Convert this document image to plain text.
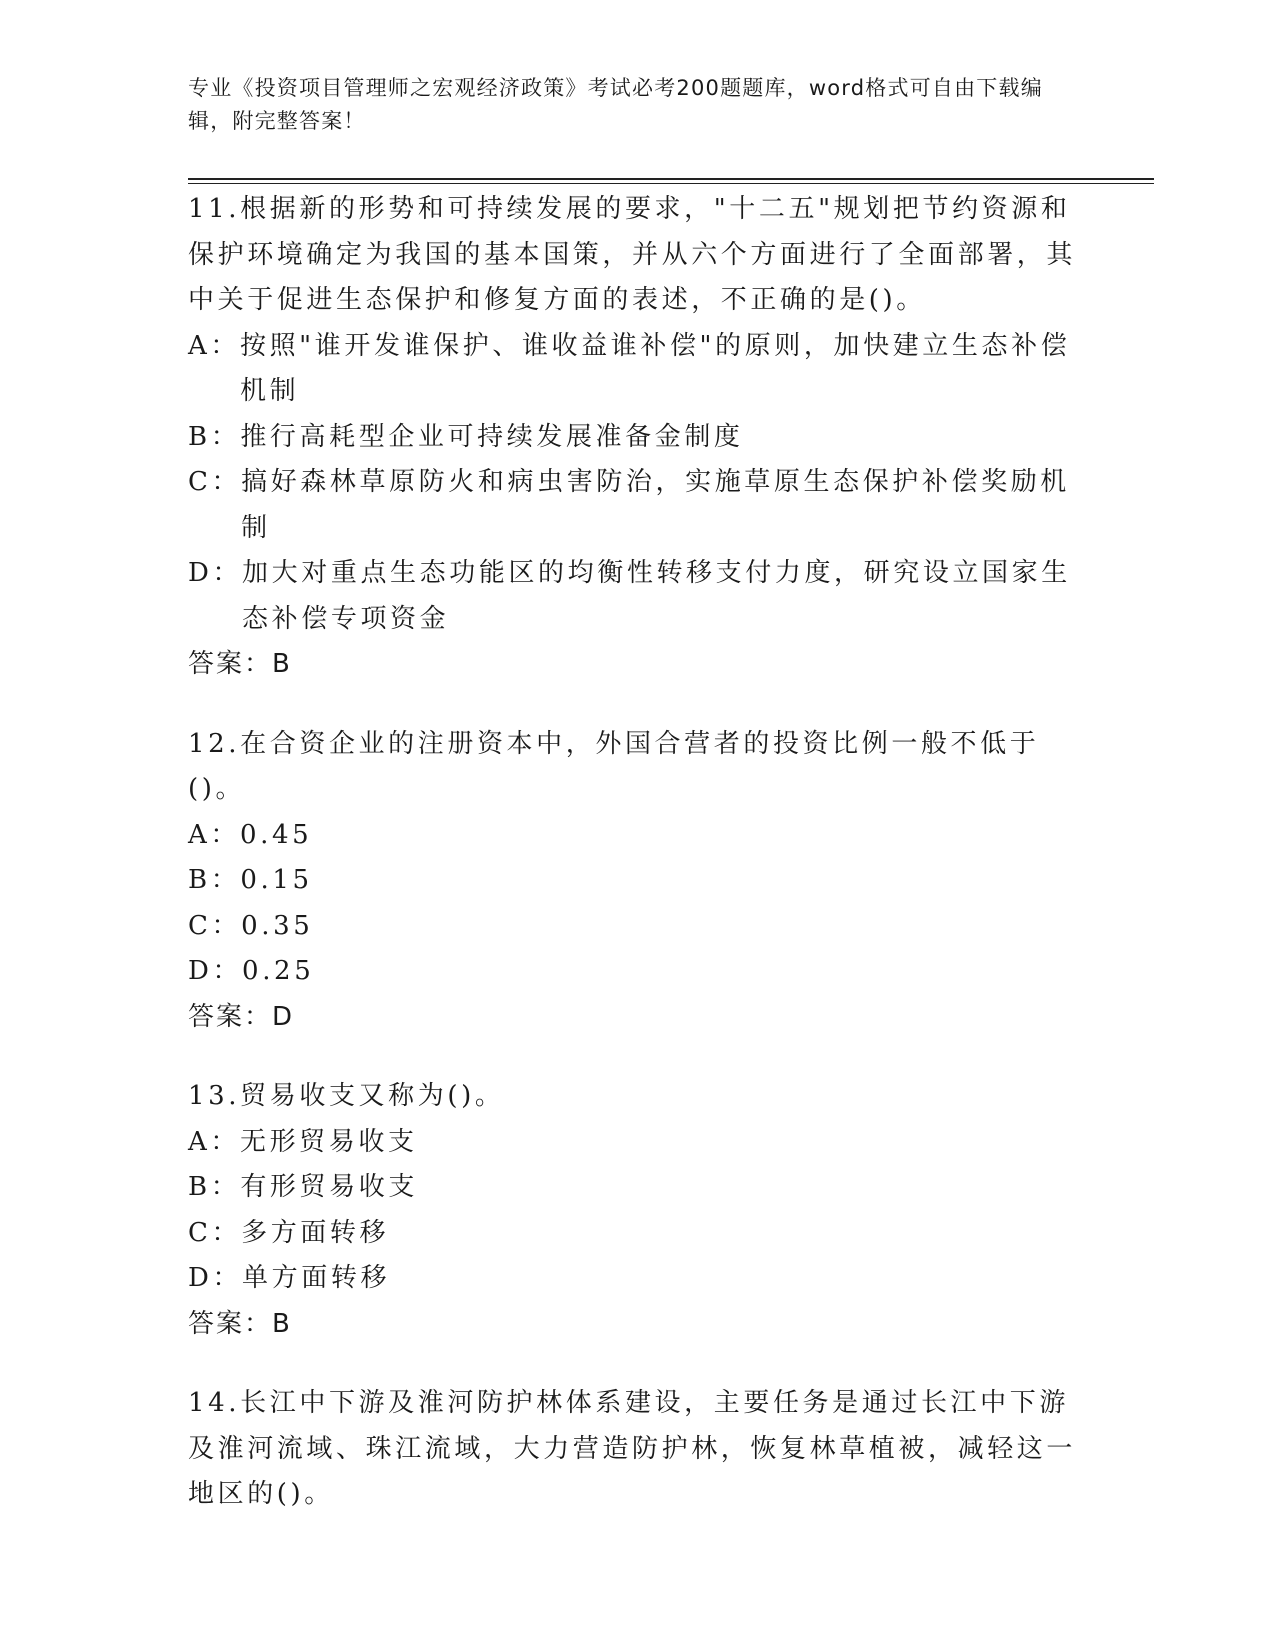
专业《投资项目管理师之宏观经济政策》考试必考200题题库，word格式可自由下载编辑，附完整答案！

11.根据新的形势和可持续发展的要求，"十二五"规划把节约资源和保护环境确定为我国的基本国策，并从六个方面进行了全面部署，其中关于促进生态保护和修复方面的表述，不正确的是()。

A： 按照"谁开发谁保护、谁收益谁补偿"的原则，加快建立生态补偿机制
B： 推行高耗型企业可持续发展准备金制度
C： 搞好森林草原防火和病虫害防治，实施草原生态保护补偿奖励机制
D： 加大对重点生态功能区的均衡性转移支付力度，研究设立国家生态补偿专项资金

答案：B

12.在合资企业的注册资本中，外国合营者的投资比例一般不低于()。

A： 0.45
B： 0.15
C： 0.35
D： 0.25

答案：D

13.贸易收支又称为()。

A： 无形贸易收支
B： 有形贸易收支
C： 多方面转移
D： 单方面转移

答案：B

14.长江中下游及淮河防护林体系建设，主要任务是通过长江中下游及淮河流域、珠江流域，大力营造防护林，恢复林草植被，减轻这一地区的()。
